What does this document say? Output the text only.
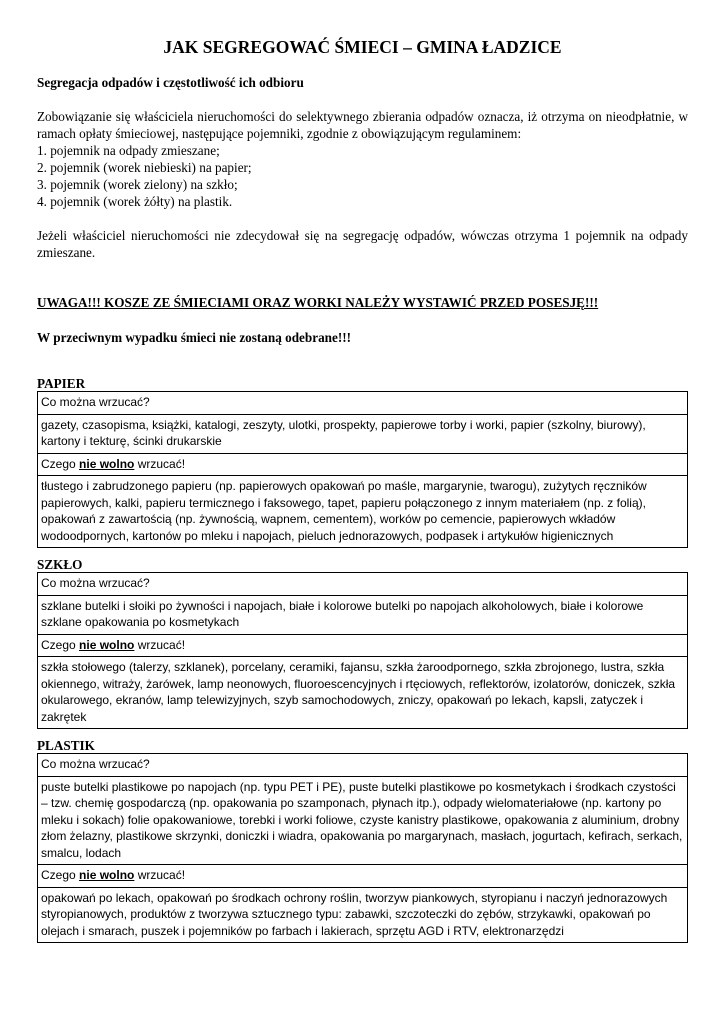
JAK SEGREGOWAĆ ŚMIECI – GMINA ŁADZICE
Segregacja odpadów i częstotliwość ich odbioru

Zobowiązanie się właściciela nieruchomości do selektywnego zbierania odpadów oznacza, iż otrzyma on nieodpłatnie, w ramach opłaty śmieciowej, następujące pojemniki, zgodnie z obowiązującym regulaminem:

1. pojemnik na odpady zmieszane;
2. pojemnik (worek niebieski) na papier;
3. pojemnik (worek zielony) na szkło;
4. pojemnik (worek żółty) na plastik.
Jeżeli właściciel nieruchomości nie zdecydował się na segregację odpadów, wówczas otrzyma 1 pojemnik na odpady zmieszane.
UWAGA!!! KOSZE ZE ŚMIECIAMI ORAZ WORKI NALEŻY WYSTAWIĆ PRZED POSESJĘ!!!
W przeciwnym wypadku śmieci nie zostaną odebrane!!!
PAPIER
Co można wrzucać?
gazety, czasopisma, książki, katalogi, zeszyty, ulotki, prospekty, papierowe torby i worki, papier (szkolny, biurowy), kartony i tekturę, ścinki drukarskie
Czego nie wolno wrzucać!
tłustego i zabrudzonego papieru (np. papierowych opakowań po maśle, margarynie, twarogu), zużytych ręczników papierowych, kalki, papieru termicznego i faksowego, tapet, papieru połączonego z innym materiałem (np. z folią), opakowań z zawartością (np. żywnością, wapnem, cementem), worków po cemencie, papierowych wkładów wodoodpornych, kartonów po mleku i napojach, pieluch jednorazowych, podpasek i artykułów higienicznych
SZKŁO
Co można wrzucać?
szklane butelki i słoiki po żywności i napojach, białe i kolorowe butelki po napojach alkoholowych, białe i kolorowe szklane opakowania po kosmetykach
Czego nie wolno wrzucać!
szkła stołowego (talerzy, szklanek), porcelany, ceramiki, fajansu, szkła żaroodpornego, szkła zbrojonego, lustra, szkła okiennego, witraży, żarówek, lamp neonowych, fluoroescencyjnych i rtęciowych, reflektorów, izolatorów, doniczek, szkła okularowego, ekranów, lamp telewizyjnych, szyb samochodowych, zniczy, opakowań po lekach, kapsli, zatyczek i zakrętek
PLASTIK
Co można wrzucać?
puste butelki plastikowe po napojach (np. typu PET i PE), puste butelki plastikowe po kosmetykach i środkach czystości – tzw. chemię gospodarczą (np. opakowania po szamponach, płynach itp.), odpady wielomateriałowe (np. kartony po mleku i sokach) folie opakowaniowe, torebki i worki foliowe, czyste kanistry plastikowe, opakowania z aluminium, drobny złom żelazny, plastikowe skrzynki, doniczki i wiadra, opakowania po margarynach, masłach, jogurtach, kefirach, serkach, smalcu, lodach
Czego nie wolno wrzucać!
opakowań po lekach, opakowań po środkach ochrony roślin, tworzyw piankowych, styropianu i naczyń jednorazowych styropianowych, produktów z tworzywa sztucznego typu: zabawki, szczoteczki do zębów, strzykawki, opakowań po olejach i smarach, puszek i pojemników po farbach i lakierach, sprzętu AGD i RTV, elektronarzędzi
